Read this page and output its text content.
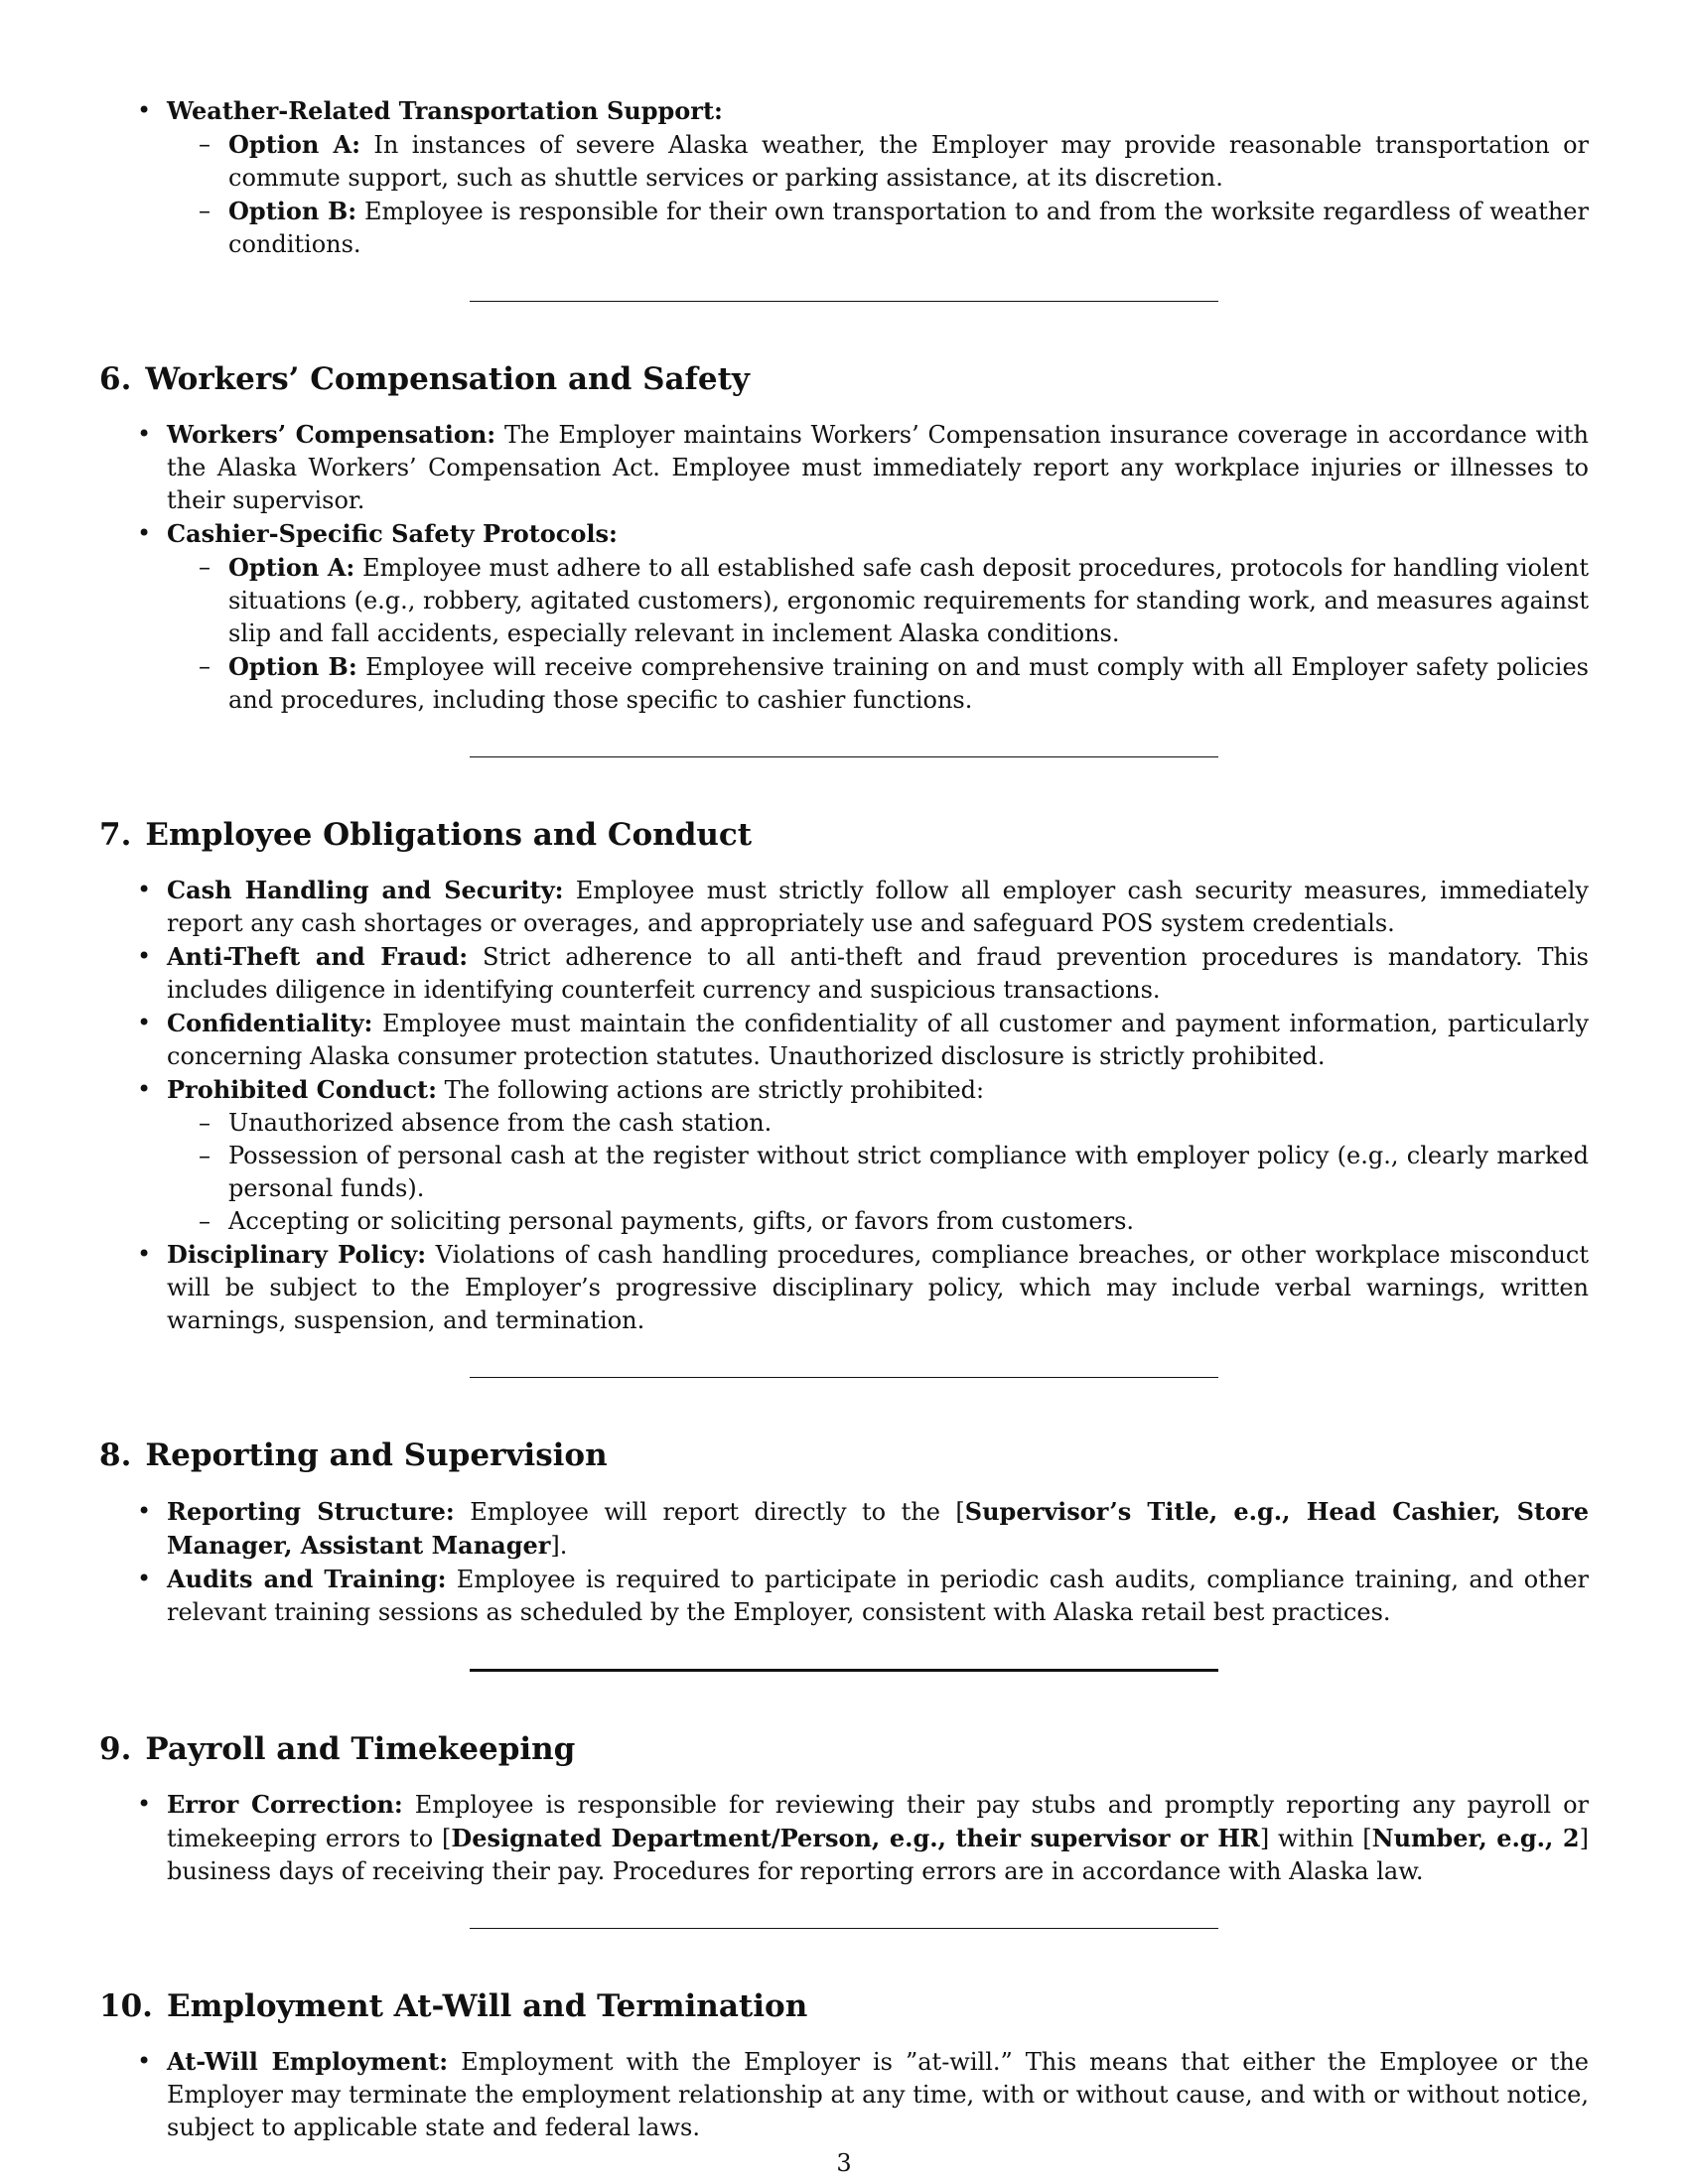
• Weather-Related Transportation Support:
– Option A: In instances of severe Alaska weather, the Employer may provide reasonable transportation or commute support, such as shuttle services or parking assistance, at its discretion.
– Option B: Employee is responsible for their own transportation to and from the worksite regardless of weather conditions.
6. Workers’ Compensation and Safety
• Workers’ Compensation: The Employer maintains Workers’ Compensation insurance coverage in accordance with the Alaska Workers’ Compensation Act. Employee must immediately report any workplace injuries or illnesses to their supervisor.
• Cashier-Specific Safety Protocols:
– Option A: Employee must adhere to all established safe cash deposit procedures, protocols for handling violent situations (e.g., robbery, agitated customers), ergonomic requirements for standing work, and measures against slip and fall accidents, especially relevant in inclement Alaska conditions.
– Option B: Employee will receive comprehensive training on and must comply with all Employer safety policies and procedures, including those specific to cashier functions.
7. Employee Obligations and Conduct
• Cash Handling and Security: Employee must strictly follow all employer cash security measures, immediately report any cash shortages or overages, and appropriately use and safeguard POS system credentials.
• Anti-Theft and Fraud: Strict adherence to all anti-theft and fraud prevention procedures is mandatory. This includes diligence in identifying counterfeit currency and suspicious transactions.
• Confidentiality: Employee must maintain the confidentiality of all customer and payment information, particularly concerning Alaska consumer protection statutes. Unauthorized disclosure is strictly prohibited.
• Prohibited Conduct: The following actions are strictly prohibited:
– Unauthorized absence from the cash station.
– Possession of personal cash at the register without strict compliance with employer policy (e.g., clearly marked personal funds).
– Accepting or soliciting personal payments, gifts, or favors from customers.
• Disciplinary Policy: Violations of cash handling procedures, compliance breaches, or other workplace misconduct will be subject to the Employer’s progressive disciplinary policy, which may include verbal warnings, written warnings, suspension, and termination.
8. Reporting and Supervision
• Reporting Structure: Employee will report directly to the [Supervisor’s Title, e.g., Head Cashier, Store Manager, Assistant Manager].
• Audits and Training: Employee is required to participate in periodic cash audits, compliance training, and other relevant training sessions as scheduled by the Employer, consistent with Alaska retail best practices.
9. Payroll and Timekeeping
• Error Correction: Employee is responsible for reviewing their pay stubs and promptly reporting any payroll or timekeeping errors to [Designated Department/Person, e.g., their supervisor or HR] within [Number, e.g., 2] business days of receiving their pay. Procedures for reporting errors are in accordance with Alaska law.
10. Employment At-Will and Termination
• At-Will Employment: Employment with the Employer is ”at-will.” This means that either the Employee or the Employer may terminate the employment relationship at any time, with or without cause, and with or without notice, subject to applicable state and federal laws.
3
